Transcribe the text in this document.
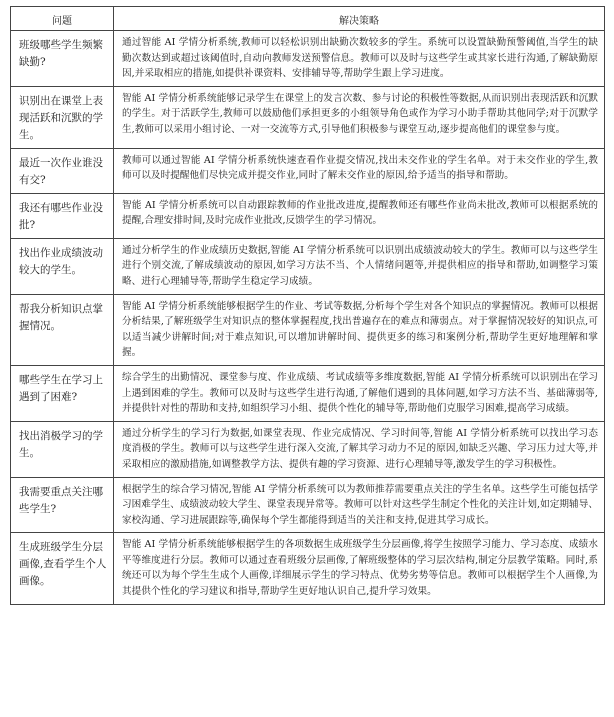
问题	解决策略
班级哪些学生频繁缺勤?	通过智能 AI 学情分析系统,教师可以轻松识别出缺勤次数较多的学生。系统可以设置缺勤预警阈值,当学生的缺勤次数达到或超过该阈值时,自动向教师发送预警信息。教师可以及时与这些学生或其家长进行沟通,了解缺勤原因,并采取相应的措施,如提供补课资料、安排辅导等,帮助学生跟上学习进度。
识别出在课堂上表现活跃和沉默的学生。	智能 AI 学情分析系统能够记录学生在课堂上的发言次数、参与讨论的积极性等数据,从而识别出表现活跃和沉默的学生。对于活跃学生,教师可以鼓励他们承担更多的小组领导角色或作为学习小助手帮助其他同学;对于沉默学生,教师可以采用小组讨论、一对一交流等方式,引导他们积极参与课堂互动,逐步提高他们的课堂参与度。
最近一次作业谁没有交?	教师可以通过智能 AI 学情分析系统快速查看作业提交情况,找出未交作业的学生名单。对于未交作业的学生,教师可以及时提醒他们尽快完成并提交作业,同时了解未交作业的原因,给予适当的指导和帮助。
我还有哪些作业没批?	智能 AI 学情分析系统可以自动跟踪教师的作业批改进度,提醒教师还有哪些作业尚未批改,教师可以根据系统的提醒,合理安排时间,及时完成作业批改,反馈学生的学习情况。
找出作业成绩波动较大的学生。	通过分析学生的作业成绩历史数据,智能 AI 学情分析系统可以识别出成绩波动较大的学生。教师可以与这些学生进行个别交流,了解成绩波动的原因,如学习方法不当、个人情绪问题等,并提供相应的指导和帮助,如调整学习策略、进行心理辅导等,帮助学生稳定学习成绩。
帮我分析知识点掌握情况。	智能 AI 学情分析系统能够根据学生的作业、考试等数据,分析每个学生对各个知识点的掌握情况。教师可以根据分析结果,了解班级学生对知识点的整体掌握程度,找出普遍存在的难点和薄弱点。对于掌握情况较好的知识点,可以适当减少讲解时间;对于难点知识,可以增加讲解时间、提供更多的练习和案例分析,帮助学生更好地理解和掌握。
哪些学生在学习上遇到了困难?	综合学生的出勤情况、课堂参与度、作业成绩、考试成绩等多维度数据,智能 AI 学情分析系统可以识别出在学习上遇到困难的学生。教师可以及时与这些学生进行沟通,了解他们遇到的具体问题,如学习方法不当、基础薄弱等,并提供针对性的帮助和支持,如组织学习小组、提供个性化的辅导等,帮助他们克服学习困难,提高学习成绩。
找出消极学习的学生。	通过分析学生的学习行为数据,如课堂表现、作业完成情况、学习时间等,智能 AI 学情分析系统可以找出学习态度消极的学生。教师可以与这些学生进行深入交流,了解其学习动力不足的原因,如缺乏兴趣、学习压力过大等,并采取相应的激励措施,如调整教学方法、提供有趣的学习资源、进行心理辅导等,激发学生的学习积极性。
我需要重点关注哪些学生?	根据学生的综合学习情况,智能 AI 学情分析系统可以为教师推荐需要重点关注的学生名单。这些学生可能包括学习困难学生、成绩波动较大学生、课堂表现异常等。教师可以针对这些学生制定个性化的关注计划,如定期辅导、家校沟通、学习进展跟踪等,确保每个学生都能得到适当的关注和支持,促进其学习成长。
生成班级学生分层画像,查看学生个人画像。	智能 AI 学情分析系统能够根据学生的各项数据生成班级学生分层画像,将学生按照学习能力、学习态度、成绩水平等维度进行分层。教师可以通过查看班级分层画像,了解班级整体的学习层次结构,制定分层教学策略。同时,系统还可以为每个学生生成个人画像,详细展示学生的学习特点、优势劣势等信息。教师可以根据学生个人画像,为其提供个性化的学习建议和指导,帮助学生更好地认识自己,提升学习效果。
